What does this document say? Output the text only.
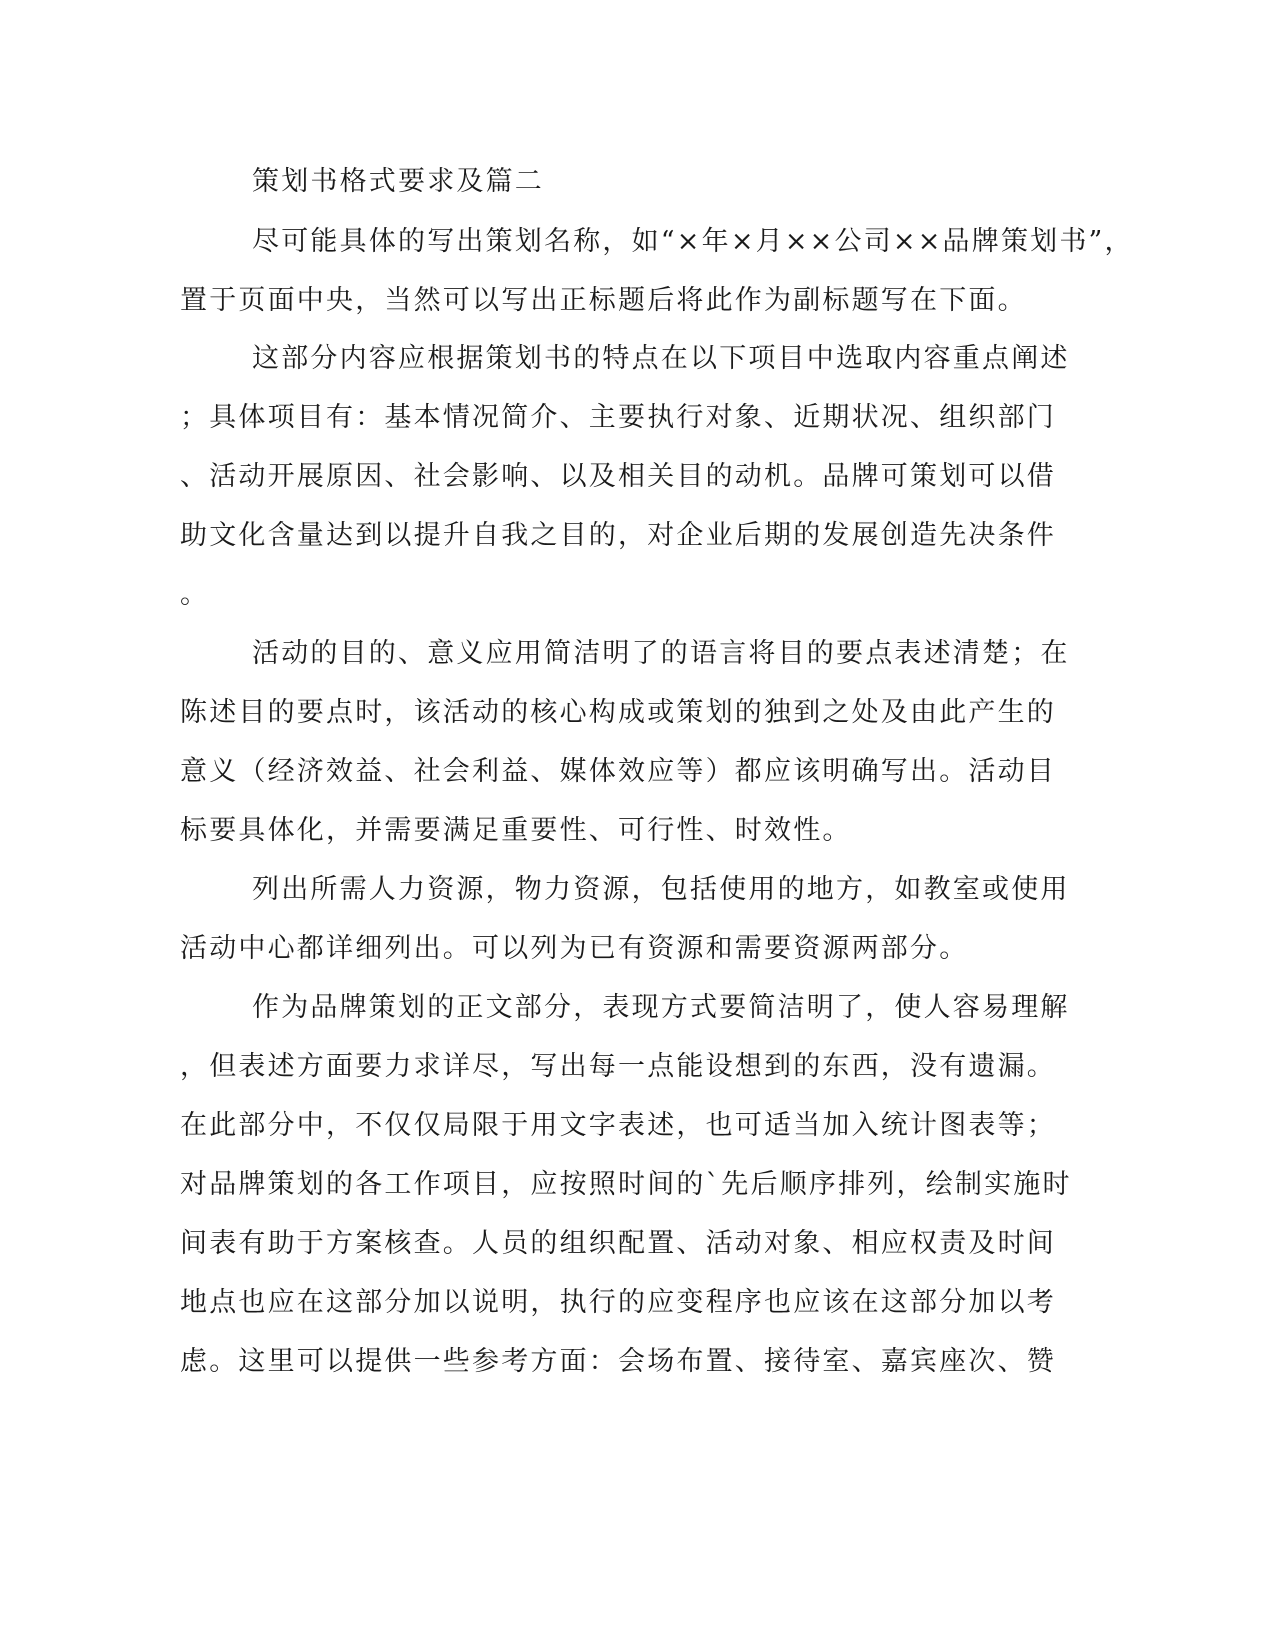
策划书格式要求及篇二
尽可能具体的写出策划名称，如“×年×月××公司××品牌策划书”，
置于页面中央，当然可以写出正标题后将此作为副标题写在下面。
这部分内容应根据策划书的特点在以下项目中选取内容重点阐述
；具体项目有：基本情况简介、主要执行对象、近期状况、组织部门
、活动开展原因、社会影响、以及相关目的动机。品牌可策划可以借
助文化含量达到以提升自我之目的，对企业后期的发展创造先决条件
。
活动的目的、意义应用简洁明了的语言将目的要点表述清楚；在
陈述目的要点时，该活动的核心构成或策划的独到之处及由此产生的
意义（经济效益、社会利益、媒体效应等）都应该明确写出。活动目
标要具体化，并需要满足重要性、可行性、时效性。
列出所需人力资源，物力资源，包括使用的地方，如教室或使用
活动中心都详细列出。可以列为已有资源和需要资源两部分。
作为品牌策划的正文部分，表现方式要简洁明了，使人容易理解
，但表述方面要力求详尽，写出每一点能设想到的东西，没有遗漏。
在此部分中，不仅仅局限于用文字表述，也可适当加入统计图表等；
对品牌策划的各工作项目，应按照时间的`先后顺序排列，绘制实施时
间表有助于方案核查。人员的组织配置、活动对象、相应权责及时间
地点也应在这部分加以说明，执行的应变程序也应该在这部分加以考
虑。这里可以提供一些参考方面：会场布置、接待室、嘉宾座次、赞
